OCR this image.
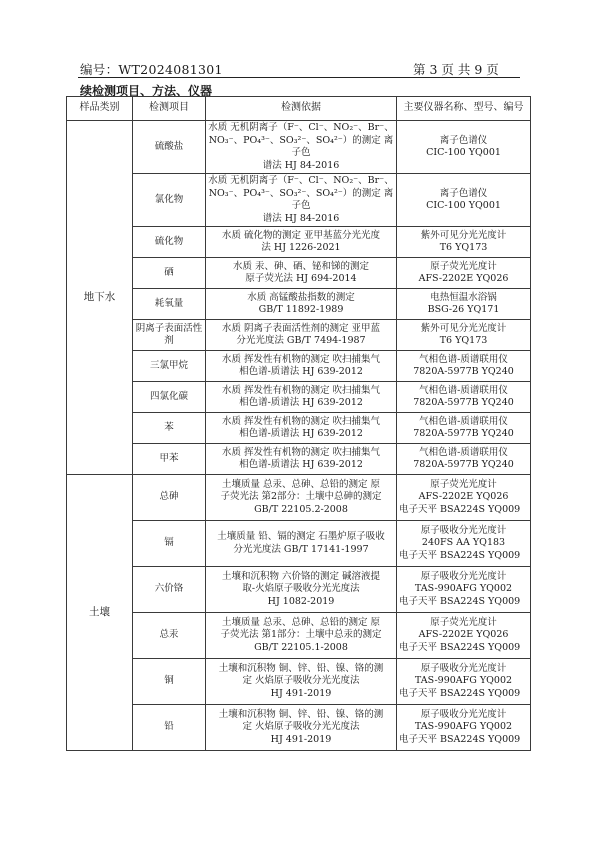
编号：WT2024081301	第 3 页 共 9 页
续检测项目、方法、仪器
样品类别	检测项目	检测依据	主要仪器名称、型号、编号
地下水	硫酸盐	水质 无机阴离子（F⁻、Cl⁻、NO₂⁻、Br⁻、
NO₃⁻、PO₄³⁻、SO₃²⁻、SO₄²⁻）的测定 离子色
谱法 HJ 84-2016	离子色谱仪
CIC-100 YQ001

	氯化物	水质 无机阴离子（F⁻、Cl⁻、NO₂⁻、Br⁻、
NO₃⁻、PO₄³⁻、SO₃²⁻、SO₄²⁻）的测定 离子色
谱法 HJ 84-2016	离子色谱仪
CIC-100 YQ001

	硫化物	水质 硫化物的测定 亚甲基蓝分光光度
法 HJ 1226-2021	紫外可见分光光度计
T6 YQ173

	硒	水质 汞、砷、硒、铋和锑的测定
原子荧光法 HJ 694-2014	原子荧光光度计
AFS-2202E YQ026

	耗氧量	水质 高锰酸盐指数的测定
GB/T 11892-1989	电热恒温水浴锅
BSG-26 YQ171

	阴离子表面活性剂	水质 阴离子表面活性剂的测定 亚甲蓝
分光光度法 GB/T 7494-1987	紫外可见分光光度计
T6 YQ173

	三氯甲烷	水质 挥发性有机物的测定 吹扫捕集气
相色谱-质谱法 HJ 639-2012	气相色谱-质谱联用仪
7820A-5977B YQ240

	四氯化碳	水质 挥发性有机物的测定 吹扫捕集气
相色谱-质谱法 HJ 639-2012	气相色谱-质谱联用仪
7820A-5977B YQ240

	苯	水质 挥发性有机物的测定 吹扫捕集气
相色谱-质谱法 HJ 639-2012	气相色谱-质谱联用仪
7820A-5977B YQ240

	甲苯	水质 挥发性有机物的测定 吹扫捕集气
相色谱-质谱法 HJ 639-2012	气相色谱-质谱联用仪
7820A-5977B YQ240

土壤	总砷	土壤质量 总汞、总砷、总铅的测定 原
子荧光法 第2部分：土壤中总砷的测定
GB/T 22105.2-2008	原子荧光光度计
AFS-2202E YQ026
电子天平 BSA224S YQ009

	镉	土壤质量 铅、镉的测定 石墨炉原子吸收
分光光度法 GB/T 17141-1997	原子吸收分光光度计
240FS AA YQ183
电子天平 BSA224S YQ009

	六价铬	土壤和沉积物 六价铬的测定 碱溶液提
取-火焰原子吸收分光光度法
HJ 1082-2019	原子吸收分光光度计
TAS-990AFG YQ002
电子天平 BSA224S YQ009

	总汞	土壤质量 总汞、总砷、总铅的测定 原
子荧光法 第1部分：土壤中总汞的测定
GB/T 22105.1-2008	原子荧光光度计
AFS-2202E YQ026
电子天平 BSA224S YQ009

	铜	土壤和沉积物 铜、锌、铅、镍、铬的测
定 火焰原子吸收分光光度法
HJ 491-2019	原子吸收分光光度计
TAS-990AFG YQ002
电子天平 BSA224S YQ009

	铅	土壤和沉积物 铜、锌、铅、镍、铬的测
定 火焰原子吸收分光光度法
HJ 491-2019	原子吸收分光光度计
TAS-990AFG YQ002
电子天平 BSA224S YQ009
